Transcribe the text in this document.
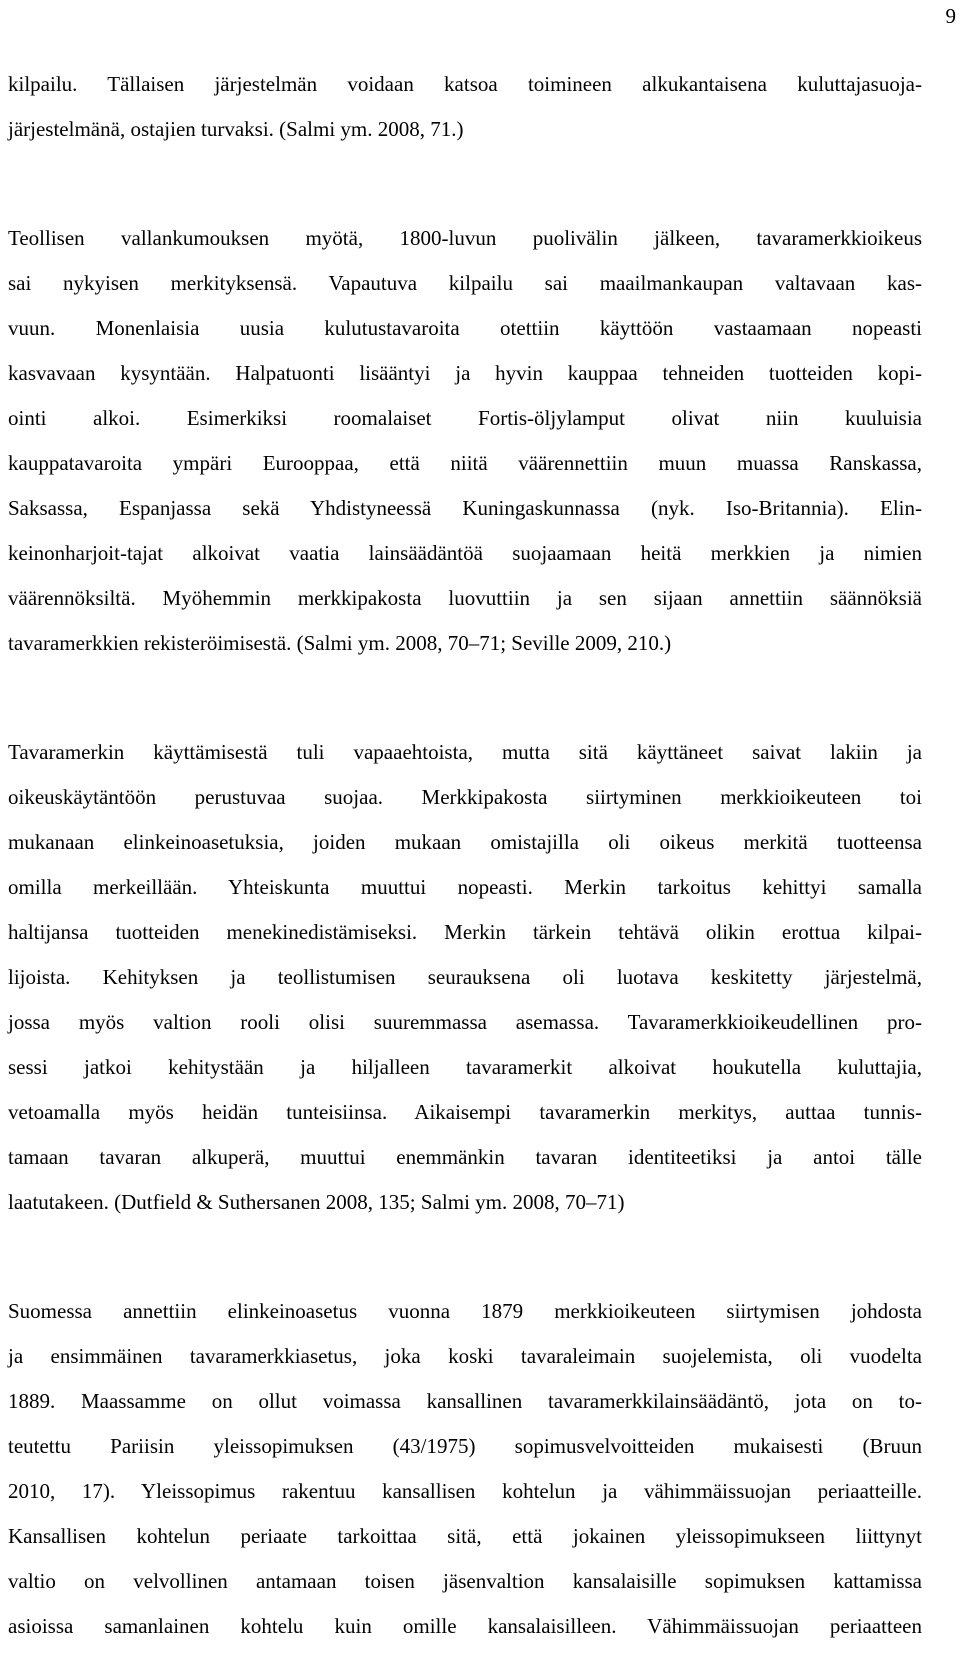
9
kilpailu. Tällaisen järjestelmän voidaan katsoa toimineen alkukantaisena kuluttajasuoja-
järjestelmänä, ostajien turvaksi. (Salmi ym. 2008, 71.)
Teollisen vallankumouksen myötä, 1800-luvun puolivälin jälkeen, tavaramerkkioikeus
sai nykyisen merkityksensä. Vapautuva kilpailu sai maailmankaupan valtavaan kas-
vuun. Monenlaisia uusia kulutustavaroita otettiin käyttöön vastaamaan nopeasti
kasvavaan kysyntään. Halpatuonti lisääntyi ja hyvin kauppaa tehneiden tuotteiden kopi-
ointi alkoi. Esimerkiksi roomalaiset Fortis-öljylamput olivat niin kuuluisia
kauppatavaroita ympäri Eurooppaa, että niitä väärennettiin muun muassa Ranskassa,
Saksassa, Espanjassa sekä Yhdistyneessä Kuningaskunnassa (nyk. Iso-Britannia). Elin-
keinonharjoit-tajat alkoivat vaatia lainsäädäntöä suojaamaan heitä merkkien ja nimien
väärennöksiltä. Myöhemmin merkkipakosta luovuttiin ja sen sijaan annettiin säännöksiä
tavaramerkkien rekisteröimisestä. (Salmi ym. 2008, 70–71; Seville 2009, 210.)
Tavaramerkin käyttämisestä tuli vapaaehtoista, mutta sitä käyttäneet saivat lakiin ja
oikeuskäytäntöön perustuvaa suojaa. Merkkipakosta siirtyminen merkkioikeuteen toi
mukanaan elinkeinoasetuksia, joiden mukaan omistajilla oli oikeus merkitä tuotteensa
omilla merkeillään. Yhteiskunta muuttui nopeasti. Merkin tarkoitus kehittyi samalla
haltijansa tuotteiden menekinedistämiseksi. Merkin tärkein tehtävä olikin erottua kilpai-
lijoista. Kehityksen ja teollistumisen seurauksena oli luotava keskitetty järjestelmä,
jossa myös valtion rooli olisi suuremmassa asemassa. Tavaramerkkioikeudellinen pro-
sessi jatkoi kehitystään ja hiljalleen tavaramerkit alkoivat houkutella kuluttajia,
vetoamalla myös heidän tunteisiinsa. Aikaisempi tavaramerkin merkitys, auttaa tunnis-
tamaan tavaran alkuperä, muuttui enemmänkin tavaran identiteetiksi ja antoi tälle
laatutakeen. (Dutfield & Suthersanen 2008, 135; Salmi ym. 2008, 70–71)
Suomessa annettiin elinkeinoasetus vuonna 1879 merkkioikeuteen siirtymisen johdosta
ja ensimmäinen tavaramerkkiasetus, joka koski tavaraleimain suojelemista, oli vuodelta
1889. Maassamme on ollut voimassa kansallinen tavaramerkkilainsäädäntö, jota on to-
teutettu Pariisin yleissopimuksen (43/1975) sopimusvelvoitteiden mukaisesti (Bruun
2010, 17). Yleissopimus rakentuu kansallisen kohtelun ja vähimmäissuojan periaatteille.
Kansallisen kohtelun periaate tarkoittaa sitä, että jokainen yleissopimukseen liittynyt
valtio on velvollinen antamaan toisen jäsenvaltion kansalaisille sopimuksen kattamissa
asioissa samanlainen kohtelu kuin omille kansalaisilleen. Vähimmäissuojan periaatteen
